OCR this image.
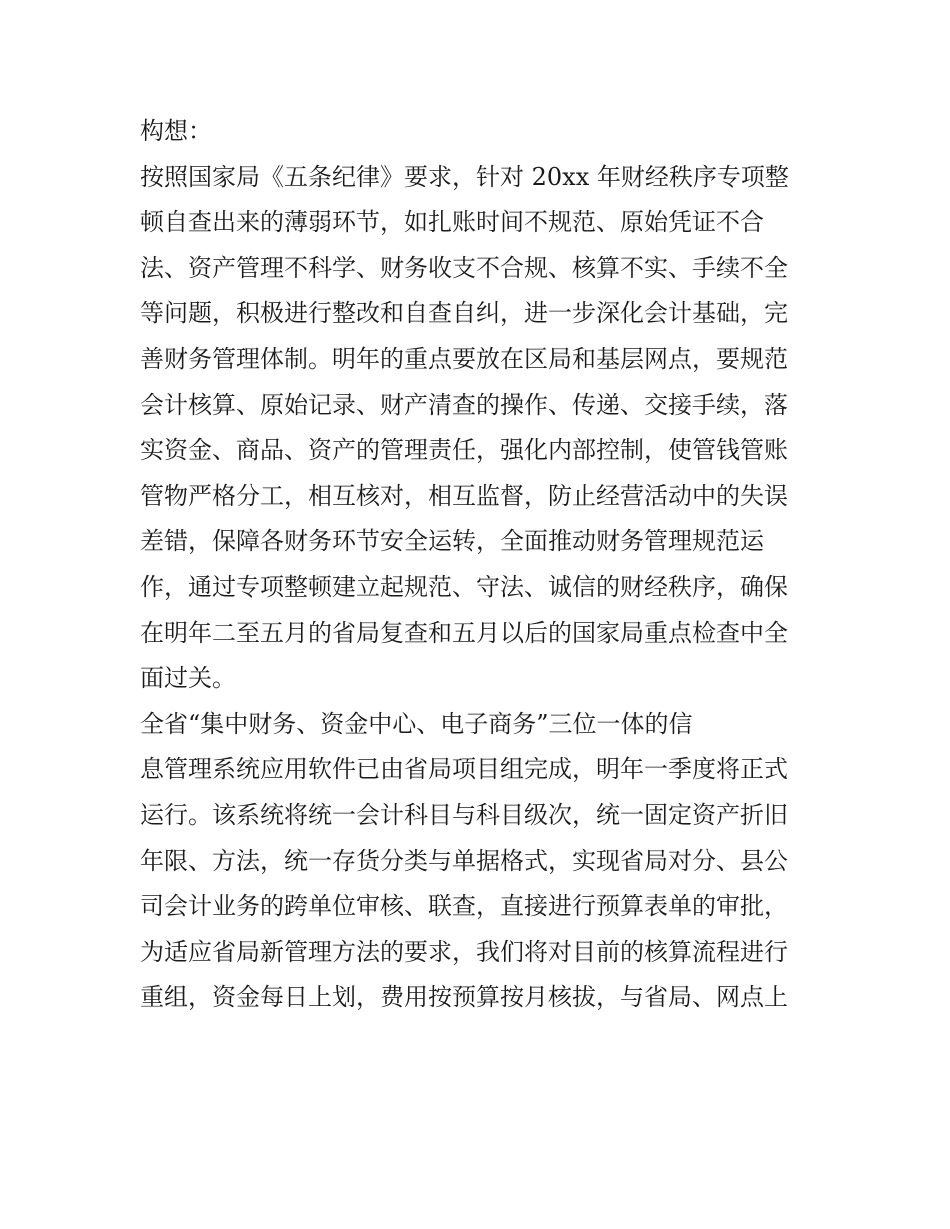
构想：
按照国家局《五条纪律》要求，针对 20xx 年财经秩序专项整
顿自查出来的薄弱环节，如扎账时间不规范、原始凭证不合
法、资产管理不科学、财务收支不合规、核算不实、手续不全
等问题，积极进行整改和自查自纠，进一步深化会计基础，完
善财务管理体制。明年的重点要放在区局和基层网点，要规范
会计核算、原始记录、财产清查的操作、传递、交接手续，落
实资金、商品、资产的管理责任，强化内部控制，使管钱管账
管物严格分工，相互核对，相互监督，防止经营活动中的失误
差错，保障各财务环节安全运转，全面推动财务管理规范运
作，通过专项整顿建立起规范、守法、诚信的财经秩序，确保
在明年二至五月的省局复查和五月以后的国家局重点检查中全
面过关。
全省“集中财务、资金中心、电子商务”三位一体的信
息管理系统应用软件已由省局项目组完成，明年一季度将正式
运行。该系统将统一会计科目与科目级次，统一固定资产折旧
年限、方法，统一存货分类与单据格式，实现省局对分、县公
司会计业务的跨单位审核、联查，直接进行预算表单的审批，
为适应省局新管理方法的要求，我们将对目前的核算流程进行
重组，资金每日上划，费用按预算按月核拔，与省局、网点上
